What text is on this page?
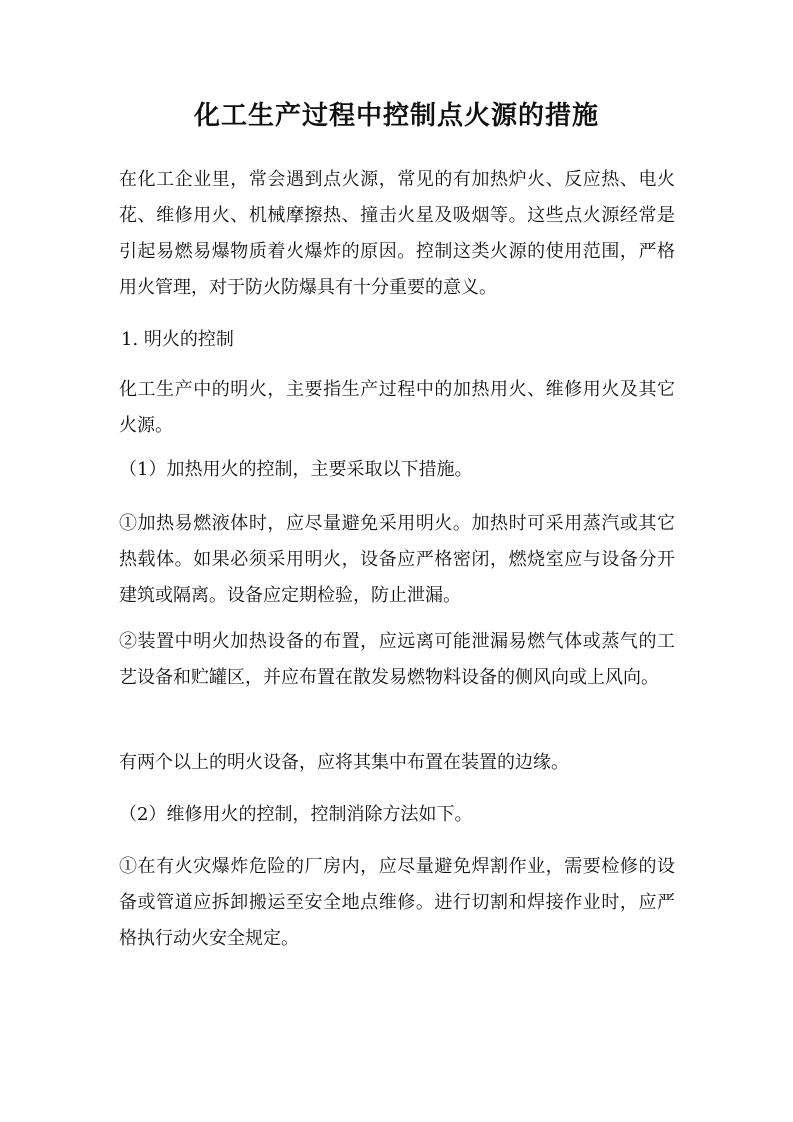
化工生产过程中控制点火源的措施

在化工企业里，常会遇到点火源，常见的有加热炉火、反应热、电火花、维修用火、机械摩擦热、撞击火星及吸烟等。这些点火源经常是引起易燃易爆物质着火爆炸的原因。控制这类火源的使用范围，严格用火管理，对于防火防爆具有十分重要的意义。

1. 明火的控制

化工生产中的明火，主要指生产过程中的加热用火、维修用火及其它火源。

（1）加热用火的控制，主要采取以下措施。

①加热易燃液体时，应尽量避免采用明火。加热时可采用蒸汽或其它热载体。如果必须采用明火，设备应严格密闭，燃烧室应与设备分开建筑或隔离。设备应定期检验，防止泄漏。

②装置中明火加热设备的布置，应远离可能泄漏易燃气体或蒸气的工艺设备和贮罐区，并应布置在散发易燃物料设备的侧风向或上风向。

有两个以上的明火设备，应将其集中布置在装置的边缘。

（2）维修用火的控制，控制消除方法如下。

①在有火灾爆炸危险的厂房内，应尽量避免焊割作业，需要检修的设备或管道应拆卸搬运至安全地点维修。进行切割和焊接作业时，应严格执行动火安全规定。
